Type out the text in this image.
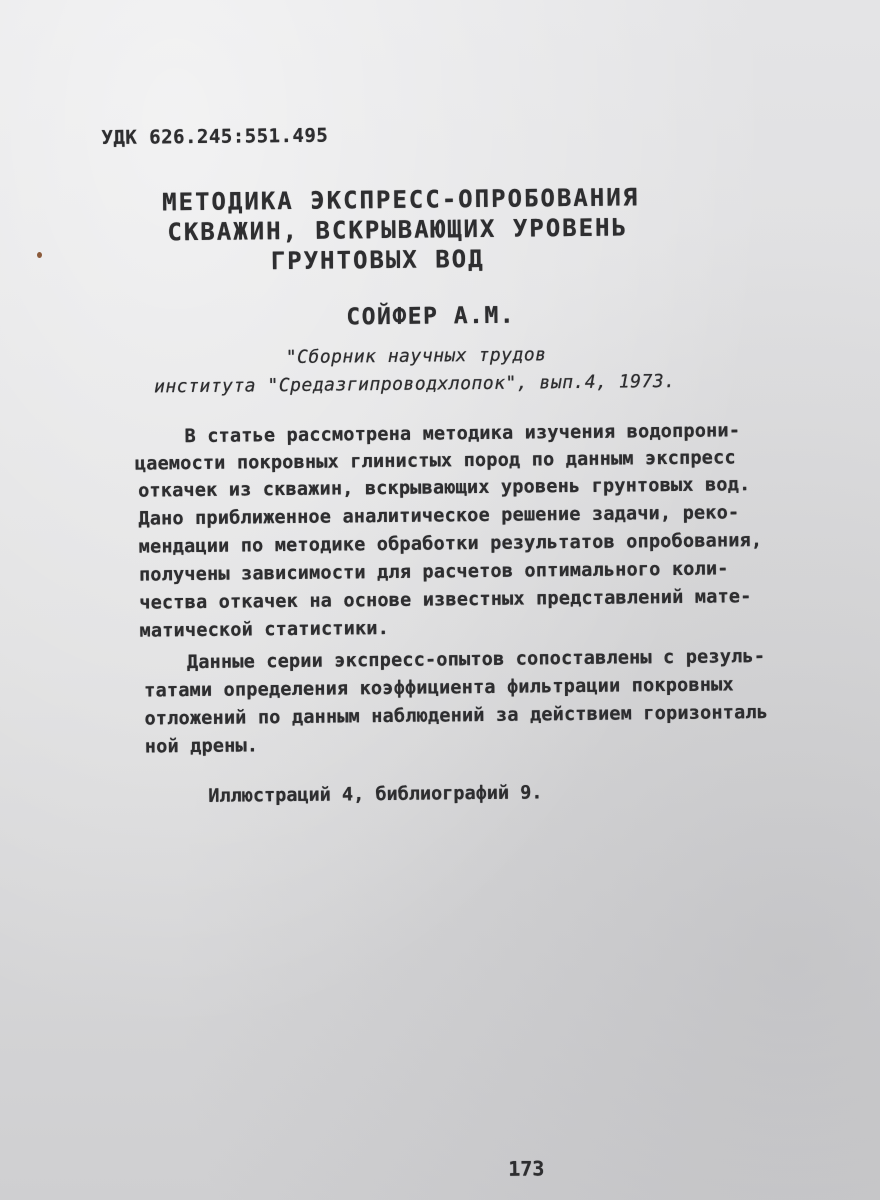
УДК 626.245:551.495
МЕТОДИКА ЭКСПРЕСС-ОПРОБОВАНИЯ
СКВАЖИН, ВСКРЫВАЮЩИХ УРОВЕНЬ
ГРУНТОВЫХ ВОД
СОЙФЕР А.М.
"Сборник научных трудов
института "Средазгипроводхлопок", вып.4, 1973.
В статье рассмотрена методика изучения водопрони-
цаемости покровных глинистых пород по данным экспресс
откачек из скважин, вскрывающих уровень грунтовых вод.
Дано приближенное аналитическое решение задачи, реко-
мендации по методике обработки результатов опробования,
получены зависимости для расчетов оптимального коли-
чества откачек на основе известных представлений мате-
матической статистики.
Данные серии экспресс-опытов сопоставлены с резуль-
татами определения коэффициента фильтрации покровных
отложений по данным наблюдений за действием горизонталь
ной дрены.
Иллюстраций 4, библиографий 9.
173
